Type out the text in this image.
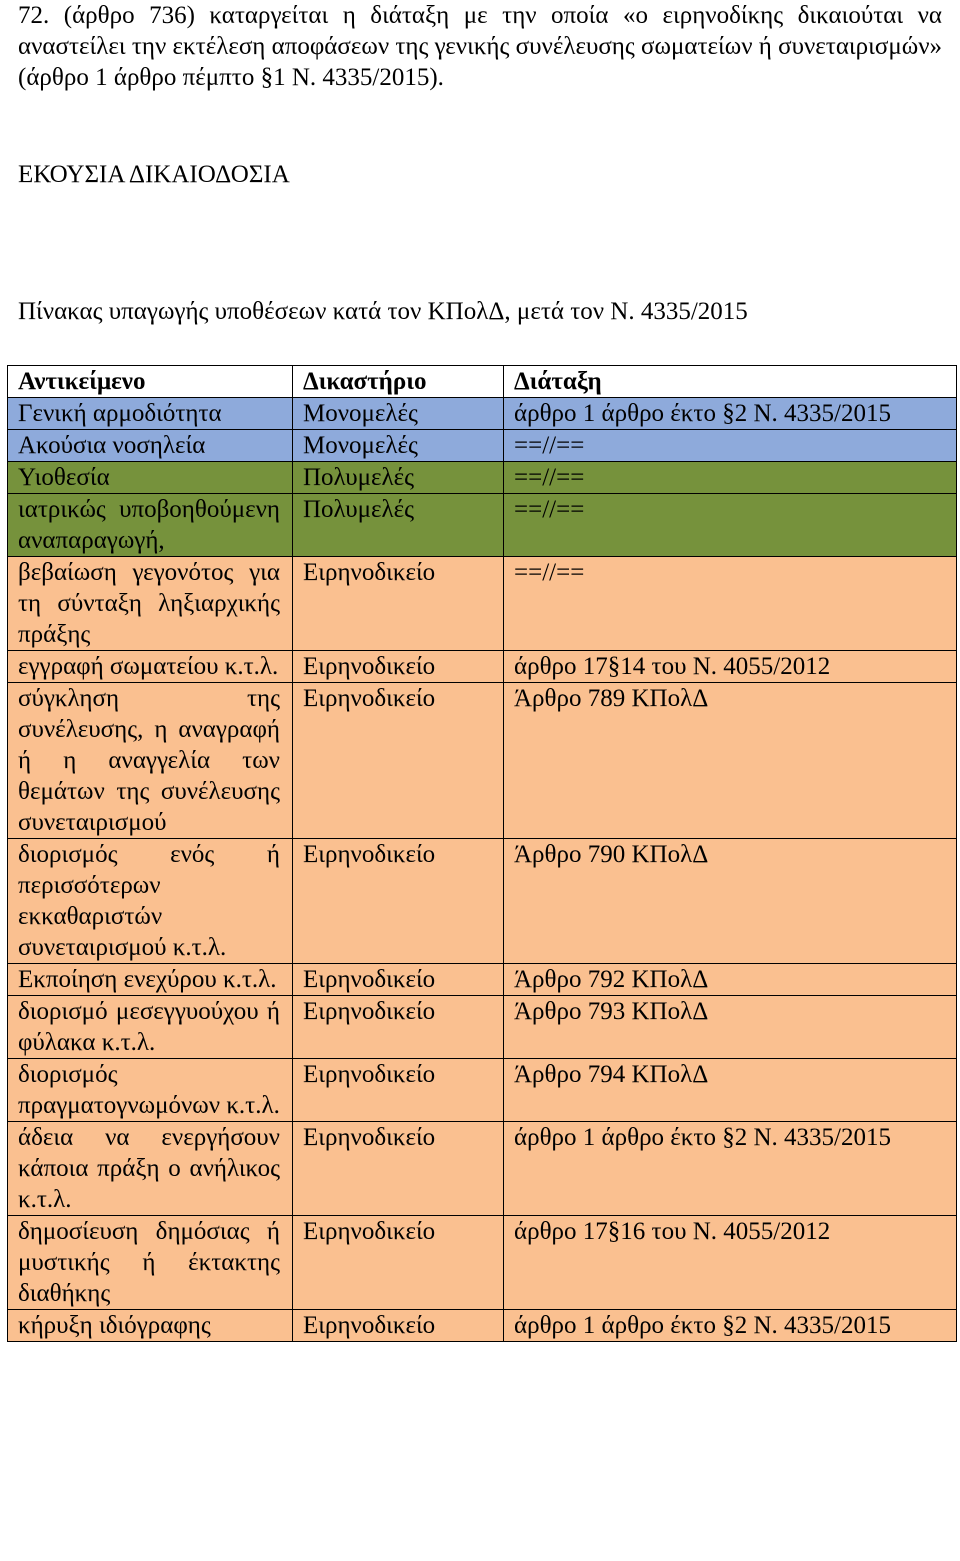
72. (άρθρο 736) καταργείται η διάταξη με την οποία «ο ειρηνοδίκης δικαιούται να αναστείλει την εκτέλεση αποφάσεων της γενικής συνέλευσης σωματείων ή συνεταιρισμών» (άρθρο 1 άρθρο πέμπτο §1 Ν. 4335/2015).

ΕΚΟΥΣΙΑ ΔΙΚΑΙΟΔΟΣΙΑ
Πίνακας υπαγωγής υποθέσεων κατά τον ΚΠολΔ, μετά τον Ν. 4335/2015
Αντικείμενο	Δικαστήριο	Διάταξη
Γενική αρμοδιότητα	Μονομελές	άρθρο 1 άρθρο έκτο §2 Ν. 4335/2015
Ακούσια νοσηλεία	Μονομελές	==//==
Υιοθεσία	Πολυμελές	==//==
ιατρικώς υποβοηθούμενη αναπαραγωγή,	Πολυμελές	==//==
βεβαίωση γεγονότος για τη σύνταξη ληξιαρχικής πράξης	Ειρηνοδικείο	==//==
εγγραφή σωματείου κ.τ.λ.	Ειρηνοδικείο	άρθρο 17§14 του Ν. 4055/2012
σύγκληση της συνέλευσης, η αναγραφή ή η αναγγελία των θεμάτων της συνέλευσης συνεταιρισμού	Ειρηνοδικείο	Άρθρο 789 ΚΠολΔ
διορισμός ενός ή περισσότερων εκκαθαριστών συνεταιρισμού κ.τ.λ.	Ειρηνοδικείο	Άρθρο 790 ΚΠολΔ
Εκποίηση ενεχύρου κ.τ.λ.	Ειρηνοδικείο	Άρθρο 792 ΚΠολΔ
διορισμό μεσεγγυούχου ή φύλακα κ.τ.λ.	Ειρηνοδικείο	Άρθρο 793 ΚΠολΔ
διορισμός πραγματογνωμόνων κ.τ.λ.	Ειρηνοδικείο	Άρθρο 794 ΚΠολΔ
άδεια να ενεργήσουν κάποια πράξη ο ανήλικος κ.τ.λ.	Ειρηνοδικείο	άρθρο 1 άρθρο έκτο §2 Ν. 4335/2015
δημοσίευση δημόσιας ή μυστικής ή έκτακτης διαθήκης	Ειρηνοδικείο	άρθρο 17§16 του Ν. 4055/2012
κήρυξη ιδιόγραφης	Ειρηνοδικείο	άρθρο 1 άρθρο έκτο §2 Ν. 4335/2015
